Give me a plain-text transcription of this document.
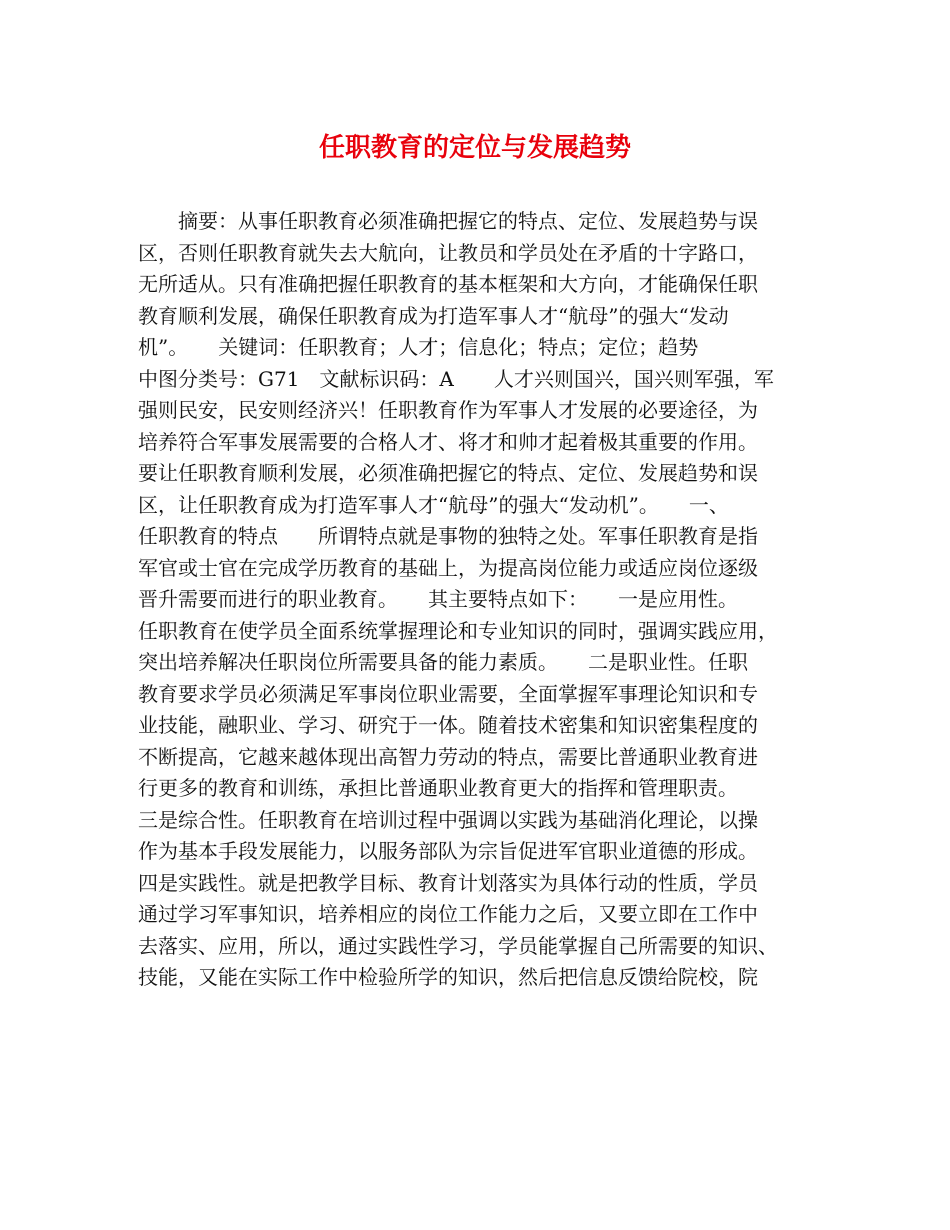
任职教育的定位与发展趋势
　　摘要：从事任职教育必须准确把握它的特点、定位、发展趋势与误
区，否则任职教育就失去大航向，让教员和学员处在矛盾的十字路口，
无所适从。只有准确把握任职教育的基本框架和大方向，才能确保任职
教育顺利发展，确保任职教育成为打造军事人才“航母”的强大“发动
机”。　　关键词：任职教育；人才；信息化；特点；定位；趋势
中图分类号：G71　文献标识码：A　　人才兴则国兴，国兴则军强，军
强则民安，民安则经济兴！任职教育作为军事人才发展的必要途径，为
培养符合军事发展需要的合格人才、将才和帅才起着极其重要的作用。
要让任职教育顺利发展，必须准确把握它的特点、定位、发展趋势和误
区，让任职教育成为打造军事人才“航母”的强大“发动机”。　　一、
任职教育的特点　　所谓特点就是事物的独特之处。军事任职教育是指
军官或士官在完成学历教育的基础上，为提高岗位能力或适应岗位逐级
晋升需要而进行的职业教育。　　其主要特点如下：　　一是应用性。
任职教育在使学员全面系统掌握理论和专业知识的同时，强调实践应用，
突出培养解决任职岗位所需要具备的能力素质。　　二是职业性。任职
教育要求学员必须满足军事岗位职业需要，全面掌握军事理论知识和专
业技能，融职业、学习、研究于一体。随着技术密集和知识密集程度的
不断提高，它越来越体现出高智力劳动的特点，需要比普通职业教育进
行更多的教育和训练，承担比普通职业教育更大的指挥和管理职责。
三是综合性。任职教育在培训过程中强调以实践为基础消化理论，以操
作为基本手段发展能力，以服务部队为宗旨促进军官职业道德的形成。
四是实践性。就是把教学目标、教育计划落实为具体行动的性质，学员
通过学习军事知识，培养相应的岗位工作能力之后，又要立即在工作中
去落实、应用，所以，通过实践性学习，学员能掌握自己所需要的知识、
技能，又能在实际工作中检验所学的知识，然后把信息反馈给院校，院
